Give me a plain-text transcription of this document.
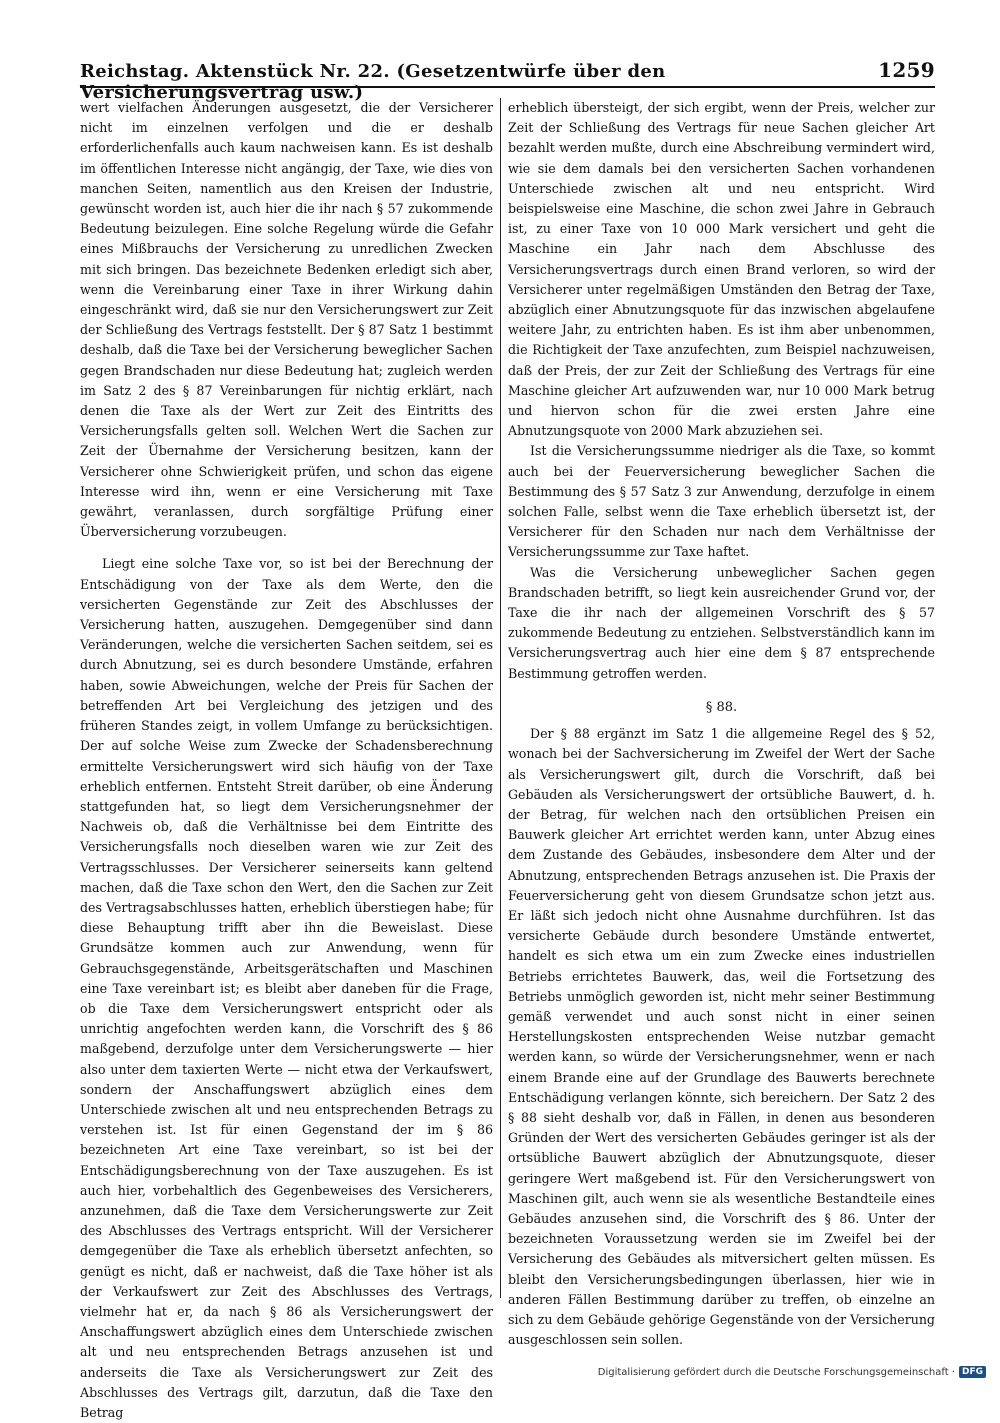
Reichstag. Aktenstück Nr. 22. (Gesetzentwürfe über den Versicherungsvertrag usw.)
1259

wert vielfachen Änderungen ausgesetzt, die der Versicherer nicht im einzelnen verfolgen und die er deshalb erforderlichenfalls auch kaum nachweisen kann. Es ist deshalb im öffentlichen Interesse nicht angängig, der Taxe, wie dies von manchen Seiten, namentlich aus den Kreisen der Industrie, gewünscht worden ist, auch hier die ihr nach § 57 zukommende Bedeutung beizulegen. Eine solche Regelung würde die Gefahr eines Mißbrauchs der Versicherung zu unredlichen Zwecken mit sich bringen. Das bezeichnete Bedenken erledigt sich aber, wenn die Vereinbarung einer Taxe in ihrer Wirkung dahin eingeschränkt wird, daß sie nur den Versicherungswert zur Zeit der Schließung des Vertrags feststellt. Der § 87 Satz 1 bestimmt deshalb, daß die Taxe bei der Versicherung beweglicher Sachen gegen Brandschaden nur diese Bedeutung hat; zugleich werden im Satz 2 des § 87 Vereinbarungen für nichtig erklärt, nach denen die Taxe als der Wert zur Zeit des Eintritts des Versicherungsfalls gelten soll. Welchen Wert die Sachen zur Zeit der Übernahme der Versicherung besitzen, kann der Versicherer ohne Schwierigkeit prüfen, und schon das eigene Interesse wird ihn, wenn er eine Versicherung mit Taxe gewährt, veranlassen, durch sorgfältige Prüfung einer Überversicherung vorzubeugen.

Liegt eine solche Taxe vor, so ist bei der Berechnung der Entschädigung von der Taxe als dem Werte, den die versicherten Gegenstände zur Zeit des Abschlusses der Versicherung hatten, auszugehen. Demgegenüber sind dann Veränderungen, welche die versicherten Sachen seitdem, sei es durch Abnutzung, sei es durch besondere Umstände, erfahren haben, sowie Abweichungen, welche der Preis für Sachen der betreffenden Art bei Vergleichung des jetzigen und des früheren Standes zeigt, in vollem Umfange zu berücksichtigen. Der auf solche Weise zum Zwecke der Schadensberechnung ermittelte Versicherungswert wird sich häufig von der Taxe erheblich entfernen. Entsteht Streit darüber, ob eine Änderung stattgefunden hat, so liegt dem Versicherungsnehmer der Nachweis ob, daß die Verhältnisse bei dem Eintritte des Versicherungsfalls noch dieselben waren wie zur Zeit des Vertragsschlusses. Der Versicherer seinerseits kann geltend machen, daß die Taxe schon den Wert, den die Sachen zur Zeit des Vertragsabschlusses hatten, erheblich überstiegen habe; für diese Behauptung trifft aber ihn die Beweislast. Diese Grundsätze kommen auch zur Anwendung, wenn für Gebrauchsgegenstände, Arbeitsgerätschaften und Maschinen eine Taxe vereinbart ist; es bleibt aber daneben für die Frage, ob die Taxe dem Versicherungswert entspricht oder als unrichtig angefochten werden kann, die Vorschrift des § 86 maßgebend, derzufolge unter dem Versicherungswerte — hier also unter dem taxierten Werte — nicht etwa der Verkaufswert, sondern der Anschaffungswert abzüglich eines dem Unterschiede zwischen alt und neu entsprechenden Betrags zu verstehen ist. Ist für einen Gegenstand der im § 86 bezeichneten Art eine Taxe vereinbart, so ist bei der Entschädigungsberechnung von der Taxe auszugehen. Es ist auch hier, vorbehaltlich des Gegenbeweises des Versicherers, anzunehmen, daß die Taxe dem Versicherungswerte zur Zeit des Abschlusses des Vertrags entspricht. Will der Versicherer demgegenüber die Taxe als erheblich übersetzt anfechten, so genügt es nicht, daß er nachweist, daß die Taxe höher ist als der Verkaufswert zur Zeit des Abschlusses des Vertrags, vielmehr hat er, da nach § 86 als Versicherungswert der Anschaffungswert abzüglich eines dem Unterschiede zwischen alt und neu entsprechenden Betrags anzusehen ist und anderseits die Taxe als Versicherungswert zur Zeit des Abschlusses des Vertrags gilt, darzutun, daß die Taxe den Betrag

erheblich übersteigt, der sich ergibt, wenn der Preis, welcher zur Zeit der Schließung des Vertrags für neue Sachen gleicher Art bezahlt werden mußte, durch eine Abschreibung vermindert wird, wie sie dem damals bei den versicherten Sachen vorhandenen Unterschiede zwischen alt und neu entspricht. Wird beispielsweise eine Maschine, die schon zwei Jahre in Gebrauch ist, zu einer Taxe von 10 000 Mark versichert und geht die Maschine ein Jahr nach dem Abschlusse des Versicherungsvertrags durch einen Brand verloren, so wird der Versicherer unter regelmäßigen Umständen den Betrag der Taxe, abzüglich einer Abnutzungsquote für das inzwischen abgelaufene weitere Jahr, zu entrichten haben. Es ist ihm aber unbenommen, die Richtigkeit der Taxe anzufechten, zum Beispiel nachzuweisen, daß der Preis, der zur Zeit der Schließung des Vertrags für eine Maschine gleicher Art aufzuwenden war, nur 10 000 Mark betrug und hiervon schon für die zwei ersten Jahre eine Abnutzungsquote von 2000 Mark abzuziehen sei.

Ist die Versicherungssumme niedriger als die Taxe, so kommt auch bei der Feuerversicherung beweglicher Sachen die Bestimmung des § 57 Satz 3 zur Anwendung, derzufolge in einem solchen Falle, selbst wenn die Taxe erheblich übersetzt ist, der Versicherer für den Schaden nur nach dem Verhältnisse der Versicherungssumme zur Taxe haftet.

Was die Versicherung unbeweglicher Sachen gegen Brandschaden betrifft, so liegt kein ausreichender Grund vor, der Taxe die ihr nach der allgemeinen Vorschrift des § 57 zukommende Bedeutung zu entziehen. Selbstverständlich kann im Versicherungsvertrag auch hier eine dem § 87 entsprechende Bestimmung getroffen werden.

§ 88.

Der § 88 ergänzt im Satz 1 die allgemeine Regel des § 52, wonach bei der Sachversicherung im Zweifel der Wert der Sache als Versicherungswert gilt, durch die Vorschrift, daß bei Gebäuden als Versicherungswert der ortsübliche Bauwert, d. h. der Betrag, für welchen nach den ortsüblichen Preisen ein Bauwerk gleicher Art errichtet werden kann, unter Abzug eines dem Zustande des Gebäudes, insbesondere dem Alter und der Abnutzung, entsprechenden Betrags anzusehen ist. Die Praxis der Feuerversicherung geht von diesem Grundsatze schon jetzt aus. Er läßt sich jedoch nicht ohne Ausnahme durchführen. Ist das versicherte Gebäude durch besondere Umstände entwertet, handelt es sich etwa um ein zum Zwecke eines industriellen Betriebs errichtetes Bauwerk, das, weil die Fortsetzung des Betriebs unmöglich geworden ist, nicht mehr seiner Bestimmung gemäß verwendet und auch sonst nicht in einer seinen Herstellungskosten entsprechenden Weise nutzbar gemacht werden kann, so würde der Versicherungsnehmer, wenn er nach einem Brande eine auf der Grundlage des Bauwerts berechnete Entschädigung verlangen könnte, sich bereichern. Der Satz 2 des § 88 sieht deshalb vor, daß in Fällen, in denen aus besonderen Gründen der Wert des versicherten Gebäudes geringer ist als der ortsübliche Bauwert abzüglich der Abnutzungsquote, dieser geringere Wert maßgebend ist. Für den Versicherungswert von Maschinen gilt, auch wenn sie als wesentliche Bestandteile eines Gebäudes anzusehen sind, die Vorschrift des § 86. Unter der bezeichneten Voraussetzung werden sie im Zweifel bei der Versicherung des Gebäudes als mitversichert gelten müssen. Es bleibt den Versicherungsbedingungen überlassen, hier wie in anderen Fällen Bestimmung darüber zu treffen, ob einzelne an sich zu dem Gebäude gehörige Gegenstände von der Versicherung ausgeschlossen sein sollen.

Digitalisierung gefördert durch die Deutsche Forschungsgemeinschaft · DFG
